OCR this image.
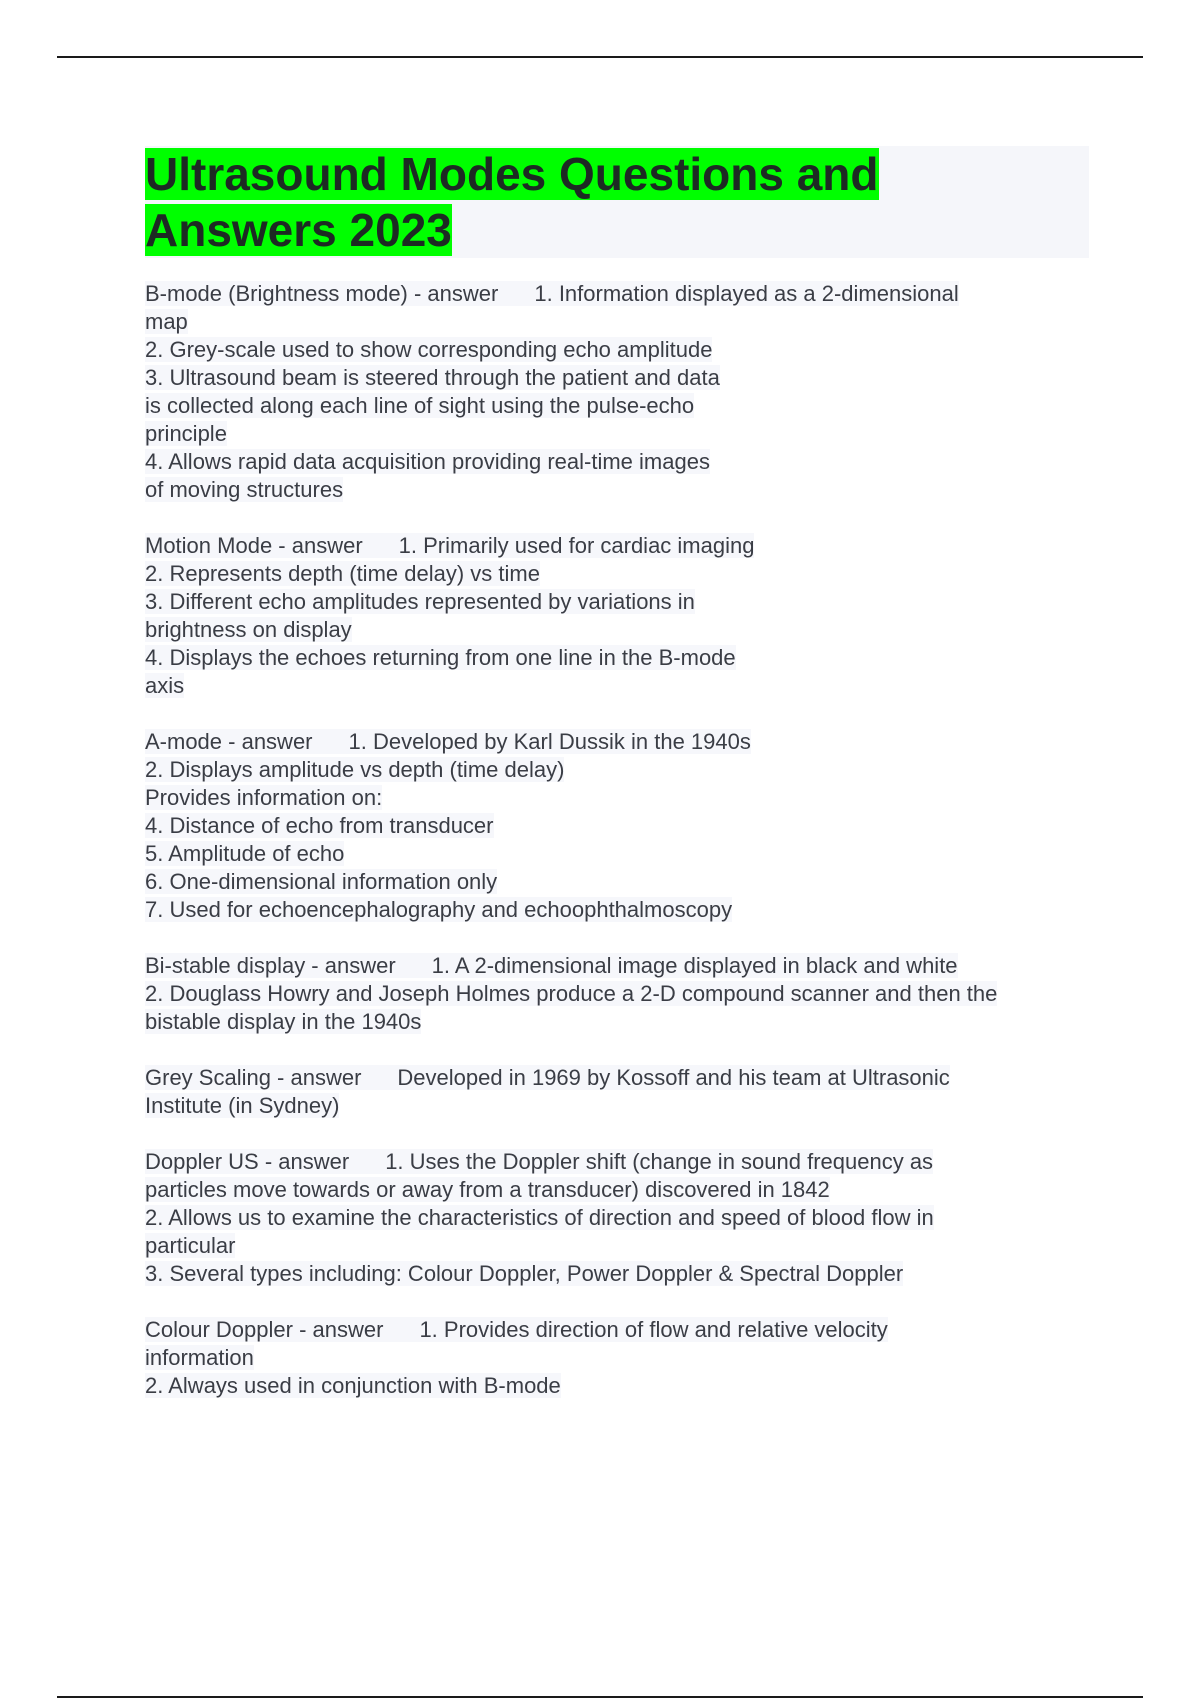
Ultrasound Modes Questions and
Answers 2023
B-mode (Brightness mode) - answer 1. Information displayed as a 2-dimensional
map
2. Grey-scale used to show corresponding echo amplitude
3. Ultrasound beam is steered through the patient and data
is collected along each line of sight using the pulse-echo
principle
4. Allows rapid data acquisition providing real-time images
of moving structures
Motion Mode - answer 1. Primarily used for cardiac imaging
2. Represents depth (time delay) vs time
3. Different echo amplitudes represented by variations in
brightness on display
4. Displays the echoes returning from one line in the B-mode
axis
A-mode - answer 1. Developed by Karl Dussik in the 1940s
2. Displays amplitude vs depth (time delay)
Provides information on:
4. Distance of echo from transducer
5. Amplitude of echo
6. One-dimensional information only
7. Used for echoencephalography and echoophthalmoscopy
Bi-stable display - answer 1. A 2-dimensional image displayed in black and white
2. Douglass Howry and Joseph Holmes produce a 2-D compound scanner and then the
bistable display in the 1940s
Grey Scaling - answer Developed in 1969 by Kossoff and his team at Ultrasonic
Institute (in Sydney)
Doppler US - answer 1. Uses the Doppler shift (change in sound frequency as
particles move towards or away from a transducer) discovered in 1842
2. Allows us to examine the characteristics of direction and speed of blood flow in
particular
3. Several types including: Colour Doppler, Power Doppler & Spectral Doppler
Colour Doppler - answer 1. Provides direction of flow and relative velocity
information
2. Always used in conjunction with B-mode
